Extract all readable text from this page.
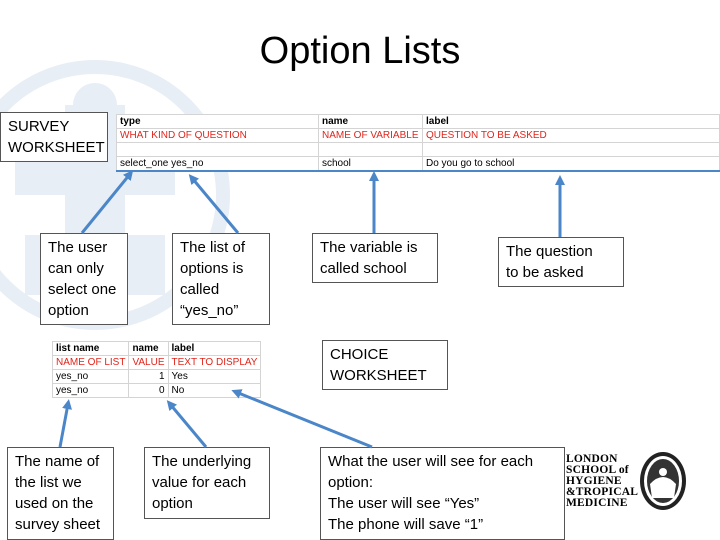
Option Lists
SURVEY
WORKSHEET
type	name	label
WHAT KIND OF QUESTION	NAME OF VARIABLE	QUESTION TO BE ASKED

select_one yes_no	school	Do you go to school
The user
can only
select one
option
The list of
options is
called
“yes_no”
The variable is
called school
The question
to be asked
list name	name	label
NAME OF LIST	VALUE	TEXT TO DISPLAY
yes_no	1	Yes
yes_no	0	No
CHOICE
WORKSHEET
The name of
the list we
used on the
survey sheet
The underlying
value for each
option
What the user will see for each
option:
The user will see “Yes”
The phone will save “1”
LONDON
SCHOOL of
HYGIENE
&TROPICAL
MEDICINE
